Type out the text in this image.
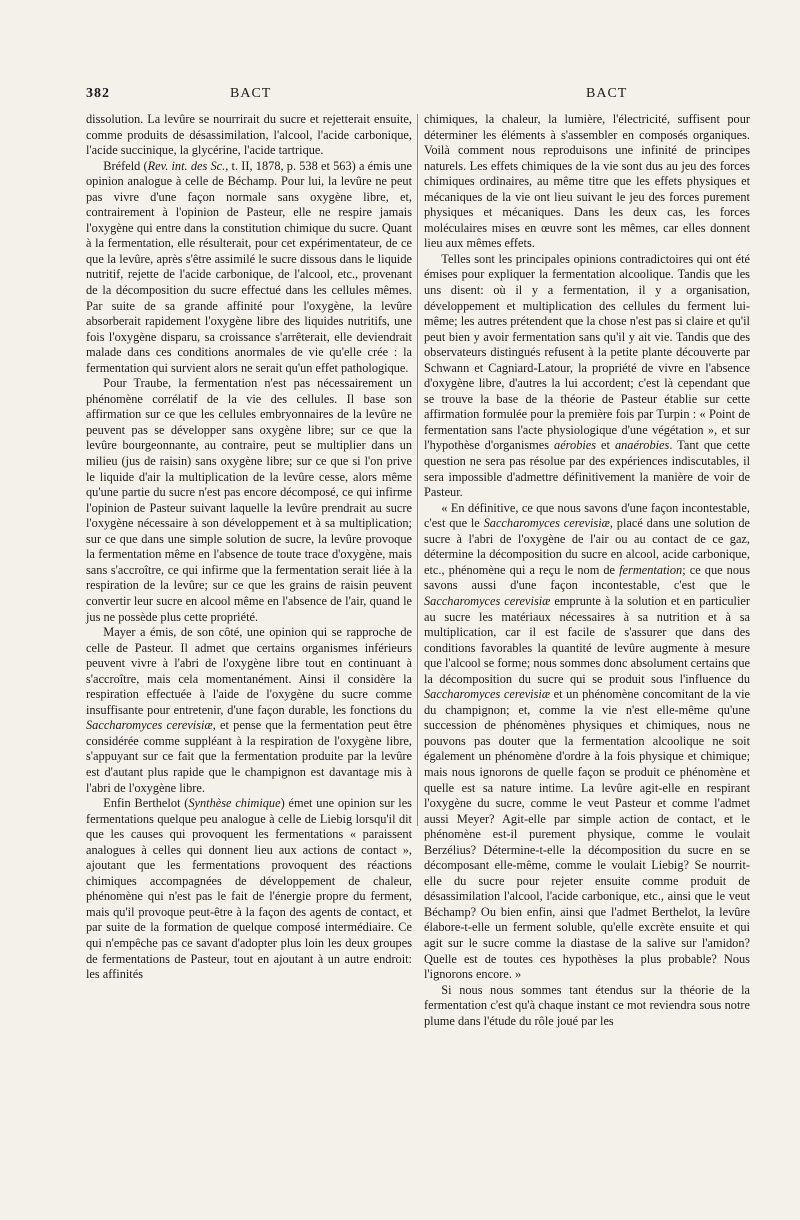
382	BACT	BACT

dissolution. La levûre se nourrirait du sucre et rejetterait ensuite, comme produits de désassimilation, l'alcool, l'acide carbonique, l'acide succinique, la glycérine, l'acide tartrique.

Bréfeld (Rev. int. des Sc., t. II, 1878, p. 538 et 563) a émis une opinion analogue à celle de Béchamp. Pour lui, la levûre ne peut pas vivre d'une façon normale sans oxygène libre, et, contrairement à l'opinion de Pasteur, elle ne respire jamais l'oxygène qui entre dans la constitution chimique du sucre. Quant à la fermentation, elle résulterait, pour cet expérimentateur, de ce que la levûre, après s'être assimilé le sucre dissous dans le liquide nutritif, rejette de l'acide carbonique, de l'alcool, etc., provenant de la décomposition du sucre effectué dans les cellules mêmes. Par suite de sa grande affinité pour l'oxygène, la levûre absorberait rapidement l'oxygène libre des liquides nutritifs, une fois l'oxygène disparu, sa croissance s'arrêterait, elle deviendrait malade dans ces conditions anormales de vie qu'elle crée : la fermentation qui survient alors ne serait qu'un effet pathologique.

Pour Traube, la fermentation n'est pas nécessairement un phénomène corrélatif de la vie des cellules. Il base son affirmation sur ce que les cellules embryonnaires de la levûre ne peuvent pas se développer sans oxygène libre; sur ce que la levûre bourgeonnante, au contraire, peut se multiplier dans un milieu (jus de raisin) sans oxygène libre; sur ce que si l'on prive le liquide d'air la multiplication de la levûre cesse, alors même qu'une partie du sucre n'est pas encore décomposé, ce qui infirme l'opinion de Pasteur suivant laquelle la levûre prendrait au sucre l'oxygène nécessaire à son développement et à sa multiplication; sur ce que dans une simple solution de sucre, la levûre provoque la fermentation même en l'absence de toute trace d'oxygène, mais sans s'accroître, ce qui infirme que la fermentation serait liée à la respiration de la levûre; sur ce que les grains de raisin peuvent convertir leur sucre en alcool même en l'absence de l'air, quand le jus ne possède plus cette propriété.

Mayer a émis, de son côté, une opinion qui se rapproche de celle de Pasteur. Il admet que certains organismes inférieurs peuvent vivre à l'abri de l'oxygène libre tout en continuant à s'accroître, mais cela momentanément. Ainsi il considère la respiration effectuée à l'aide de l'oxygène du sucre comme insuffisante pour entretenir, d'une façon durable, les fonctions du Saccharomyces cerevisiæ, et pense que la fermentation peut être considérée comme suppléant à la respiration de l'oxygène libre, s'appuyant sur ce fait que la fermentation produite par la levûre est d'autant plus rapide que le champignon est davantage mis à l'abri de l'oxygène libre.

Enfin Berthelot (Synthèse chimique) émet une opinion sur les fermentations quelque peu analogue à celle de Liebig lorsqu'il dit que les causes qui provoquent les fermentations « paraissent analogues à celles qui donnent lieu aux actions de contact », ajoutant que les fermentations provoquent des réactions chimiques accompagnées de développement de chaleur, phénomène qui n'est pas le fait de l'énergie propre du ferment, mais qu'il provoque peut-être à la façon des agents de contact, et par suite de la formation de quelque composé intermédiaire. Ce qui n'empêche pas ce savant d'adopter plus loin les deux groupes de fermentations de Pasteur, tout en ajoutant à un autre endroit: les affinités

chimiques, la chaleur, la lumière, l'électricité, suffisent pour déterminer les éléments à s'assembler en composés organiques. Voilà comment nous reproduisons une infinité de principes naturels. Les effets chimiques de la vie sont dus au jeu des forces chimiques ordinaires, au même titre que les effets physiques et mécaniques de la vie ont lieu suivant le jeu des forces purement physiques et mécaniques. Dans les deux cas, les forces moléculaires mises en œuvre sont les mêmes, car elles donnent lieu aux mêmes effets.

Telles sont les principales opinions contradictoires qui ont été émises pour expliquer la fermentation alcoolique. Tandis que les uns disent: où il y a fermentation, il y a organisation, développement et multiplication des cellules du ferment lui-même; les autres prétendent que la chose n'est pas si claire et qu'il peut bien y avoir fermentation sans qu'il y ait vie. Tandis que des observateurs distingués refusent à la petite plante découverte par Schwann et Cagniard-Latour, la propriété de vivre en l'absence d'oxygène libre, d'autres la lui accordent; c'est là cependant que se trouve la base de la théorie de Pasteur établie sur cette affirmation formulée pour la première fois par Turpin : « Point de fermentation sans l'acte physiologique d'une végétation », et sur l'hypothèse d'organismes aérobies et anaérobies. Tant que cette question ne sera pas résolue par des expériences indiscutables, il sera impossible d'admettre définitivement la manière de voir de Pasteur.

« En définitive, ce que nous savons d'une façon incontestable, c'est que le Saccharomyces cerevisiæ, placé dans une solution de sucre à l'abri de l'oxygène de l'air ou au contact de ce gaz, détermine la décomposition du sucre en alcool, acide carbonique, etc., phénomène qui a reçu le nom de fermentation; ce que nous savons aussi d'une façon incontestable, c'est que le Saccharomyces cerevisiæ emprunte à la solution et en particulier au sucre les matériaux nécessaires à sa nutrition et à sa multiplication, car il est facile de s'assurer que dans des conditions favorables la quantité de levûre augmente à mesure que l'alcool se forme; nous sommes donc absolument certains que la décomposition du sucre qui se produit sous l'influence du Saccharomyces cerevisiæ et un phénomène concomitant de la vie du champignon; et, comme la vie n'est elle-même qu'une succession de phénomènes physiques et chimiques, nous ne pouvons pas douter que la fermentation alcoolique ne soit également un phénomène d'ordre à la fois physique et chimique; mais nous ignorons de quelle façon se produit ce phénomène et quelle est sa nature intime. La levûre agit-elle en respirant l'oxygène du sucre, comme le veut Pasteur et comme l'admet aussi Meyer? Agit-elle par simple action de contact, et le phénomène est-il purement physique, comme le voulait Berzélius? Détermine-t-elle la décomposition du sucre en se décomposant elle-même, comme le voulait Liebig? Se nourrit-elle du sucre pour rejeter ensuite comme produit de désassimilation l'alcool, l'acide carbonique, etc., ainsi que le veut Béchamp? Ou bien enfin, ainsi que l'admet Berthelot, la levûre élabore-t-elle un ferment soluble, qu'elle excrète ensuite et qui agit sur le sucre comme la diastase de la salive sur l'amidon? Quelle est de toutes ces hypothèses la plus probable? Nous l'ignorons encore. »

Si nous nous sommes tant étendus sur la théorie de la fermentation c'est qu'à chaque instant ce mot reviendra sous notre plume dans l'étude du rôle joué par les
